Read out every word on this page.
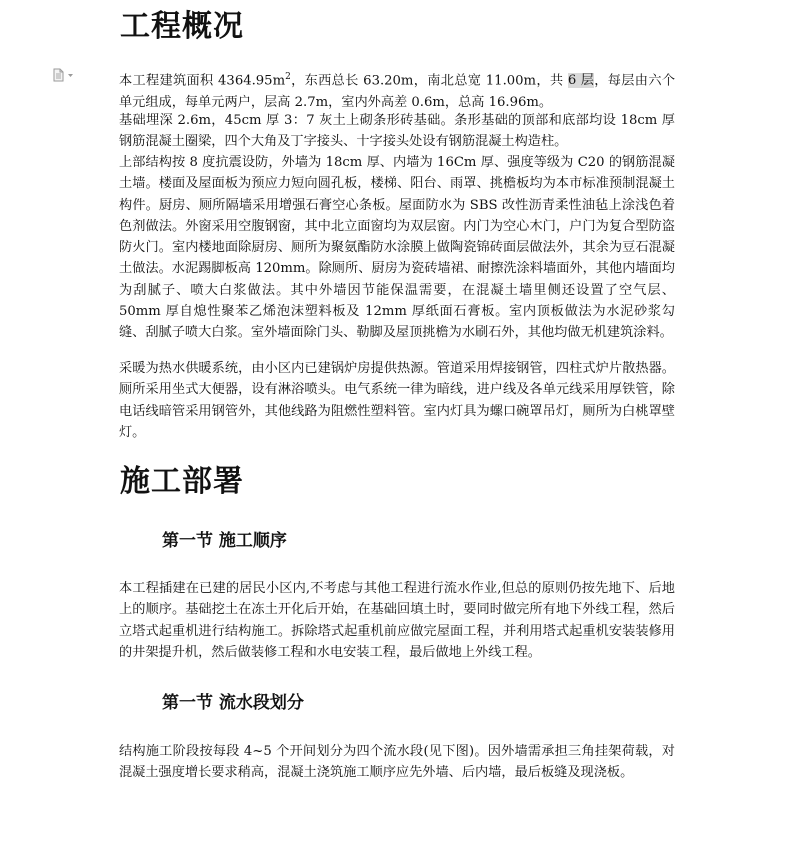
工程概况

本工程建筑面积 $4364.95m^2$，东西总长 63.20m，南北总宽 11.00m，共 6 层，每层由六个单元组成，每单元两户，层高 2.7m，室内外高差 0.6m，总高 16.96m。

基础埋深 2.6m，45cm 厚 3：7 灰土上砌条形砖基础。条形基础的顶部和底部均设 18cm 厚钢筋混凝土圈梁，四个大角及丁字接头、十字接头处设有钢筋混凝土构造柱。

上部结构按 8 度抗震设防，外墙为 18cm 厚、内墙为 16Cm 厚、强度等级为 C20 的钢筋混凝土墙。楼面及屋面板为预应力短向圆孔板，楼梯、阳台、雨罩、挑檐板均为本市标准预制混凝土构件。厨房、厕所隔墙采用增强石膏空心条板。屋面防水为 SBS 改性沥青柔性油毡上涂浅色着色剂做法。外窗采用空腹钢窗，其中北立面窗均为双层窗。内门为空心木门，户门为复合型防盗防火门。室内楼地面除厨房、厕所为聚氨酯防水涂膜上做陶瓷锦砖面层做法外，其余为豆石混凝土做法。水泥踢脚板高 120mm。除厕所、厨房为瓷砖墙裙、耐擦洗涂料墙面外，其他内墙面均为刮腻子、喷大白浆做法。其中外墙因节能保温需要，在混凝土墙里侧还设置了空气层、50mm 厚自熄性聚苯乙烯泡沫塑料板及 12mm 厚纸面石膏板。室内顶板做法为水泥砂浆勾缝、刮腻子喷大白浆。室外墙面除门头、勒脚及屋顶挑檐为水刷石外，其他均做无机建筑涂料。

采暖为热水供暖系统，由小区内已建锅炉房提供热源。管道采用焊接钢管，四柱式炉片散热器。厕所采用坐式大便器，设有淋浴喷头。电气系统一律为暗线，进户线及各单元线采用厚铁管，除电话线暗管采用钢管外，其他线路为阻燃性塑料管。室内灯具为螺口碗罩吊灯，厕所为白桃罩壁灯。

施工部署
第一节 施工顺序

本工程插建在已建的居民小区内,不考虑与其他工程进行流水作业,但总的原则仍按先地下、后地上的顺序。基础挖土在冻土开化后开始，在基础回填土时，要同时做完所有地下外线工程，然后立塔式起重机进行结构施工。拆除塔式起重机前应做完屋面工程，并利用塔式起重机安装装修用的井架提升机，然后做装修工程和水电安装工程，最后做地上外线工程。

第一节 流水段划分

结构施工阶段按每段 4~5 个开间划分为四个流水段(见下图)。因外墙需承担三角挂架荷载，对混凝土强度增长要求稍高，混凝土浇筑施工顺序应先外墙、后内墙，最后板缝及现浇板。
